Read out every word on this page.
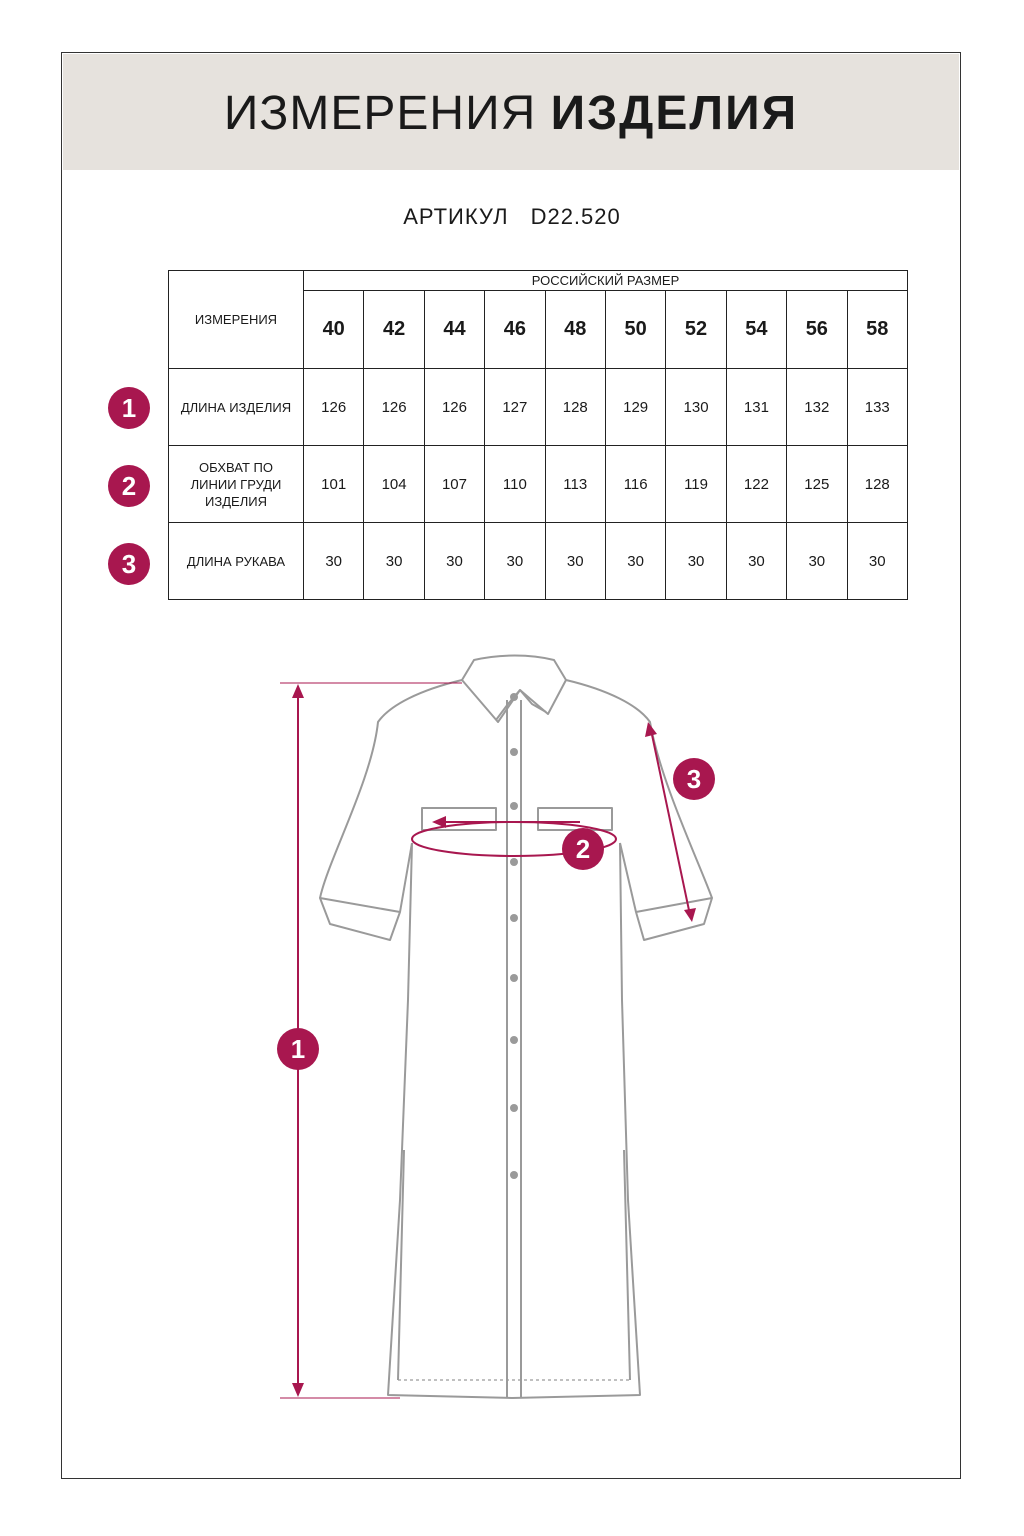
ИЗМЕРЕНИЯ ИЗДЕЛИЯ
АРТИКУЛ D22.520
ИЗМЕРЕНИЯ	РОССИЙСКИЙ РАЗМЕР									
	40	42	44	46	48	50	52	54	56	58
ДЛИНА ИЗДЕЛИЯ	126	126	126	127	128	129	130	131	132	133
ОБХВАТ ПО ЛИНИИ ГРУДИ ИЗДЕЛИЯ	101	104	107	110	113	116	119	122	125	128
ДЛИНА РУКАВА	30	30	30	30	30	30	30	30	30	30
1
2
3
1
2
3
